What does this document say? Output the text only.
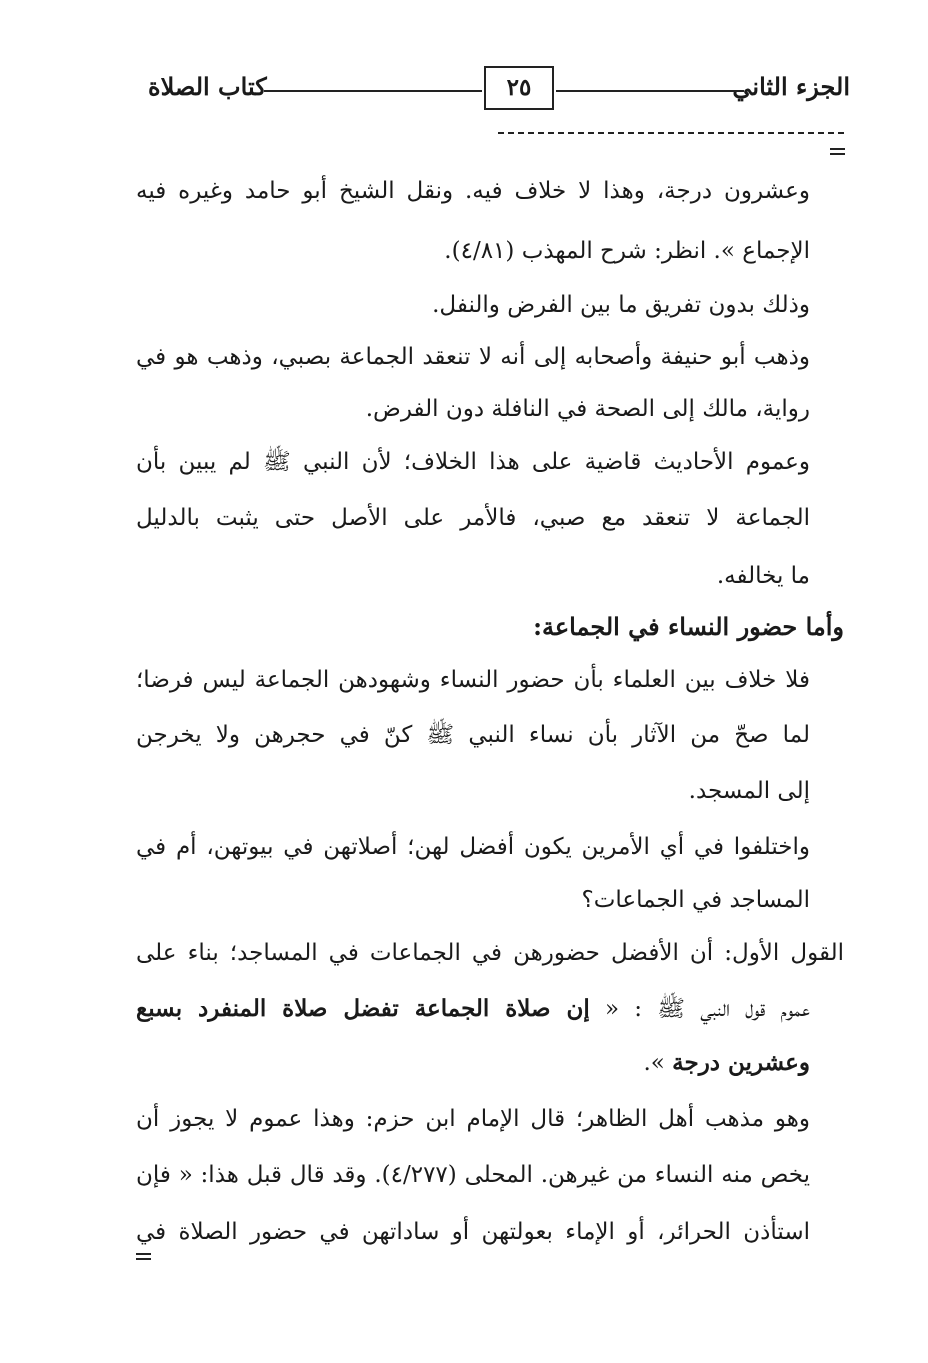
الجزء الثاني
٢٥
كتاب الصلاة
وعشرون درجة، وهذا لا خلاف فيه. ونقل الشيخ أبو حامد وغيره فيه
الإجماع ». انظر: شرح المهذب (٤/٨١).
وذلك بدون تفريق ما بين الفرض والنفل.
وذهب أبو حنيفة وأصحابه إلى أنه لا تنعقد الجماعة بصبي، وذهب هو في
رواية، مالك إلى الصحة في النافلة دون الفرض.
وعموم الأحاديث قاضية على هذا الخلاف؛ لأن النبي ﷺ لم يبين بأن
الجماعة لا تنعقد مع صبي، فالأمر على الأصل حتى يثبت بالدليل
ما يخالفه.
وأما حضور النساء في الجماعة:
فلا خلاف بين العلماء بأن حضور النساء وشهودهن الجماعة ليس فرضا؛
لما صحّ من الآثار بأن نساء النبي ﷺ كنّ في حجرهن ولا يخرجن
إلى المسجد.
واختلفوا في أي الأمرين يكون أفضل لهن؛ أصلاتهن في بيوتهن، أم في
المساجد في الجماعات؟
القول الأول: أن الأفضل حضورهن في الجماعات في المساجد؛ بناء على
عموم قول النبي ﷺ : « إن صلاة الجماعة تفضل صلاة المنفرد بسبع
وعشرين درجة ».
وهو مذهب أهل الظاهر؛ قال الإمام ابن حزم: وهذا عموم لا يجوز أن
يخص منه النساء من غيرهن. المحلى (٤/٢٧٧). وقد قال قبل هذا: « فإن
استأذن الحرائر، أو الإماء بعولتهن أو ساداتهن في حضور الصلاة في
